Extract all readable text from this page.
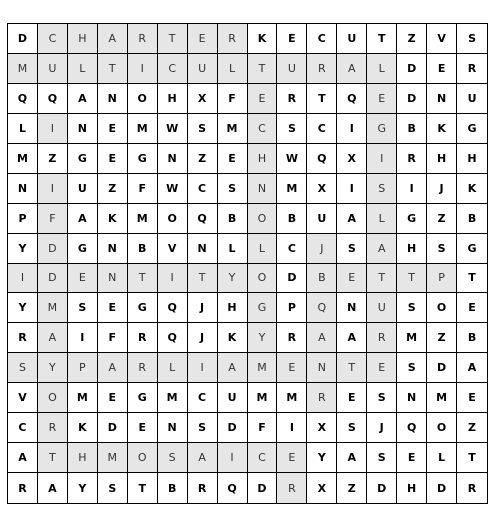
D	C	H	A	R	T	E	R	K	E	C	U	T	Z	V	S
M	U	L	T	I	C	U	L	T	U	R	A	L	D	E	R
Q	Q	A	N	O	H	X	F	E	R	T	Q	E	D	N	U
L	I	N	E	M	W	S	M	C	S	C	I	G	B	K	G
M	Z	G	E	G	N	Z	E	H	W	Q	X	I	R	H	H
N	I	U	Z	F	W	C	S	N	M	X	I	S	I	J	K
P	F	A	K	M	O	Q	B	O	B	U	A	L	G	Z	B
Y	D	G	N	B	V	N	L	L	C	J	S	A	H	S	G
I	D	E	N	T	I	T	Y	O	D	B	E	T	T	P	T
Y	M	S	E	G	Q	J	H	G	P	Q	N	U	S	O	E
R	A	I	F	R	Q	J	K	Y	R	A	A	R	M	Z	B
S	Y	P	A	R	L	I	A	M	E	N	T	E	S	D	A
V	O	M	E	G	M	C	U	M	M	R	E	S	N	M	E
C	R	K	D	E	N	S	D	F	I	X	S	J	Q	O	Z
A	T	H	M	O	S	A	I	C	E	Y	A	S	E	L	T
R	A	Y	S	T	B	R	Q	D	R	X	Z	D	H	D	R
